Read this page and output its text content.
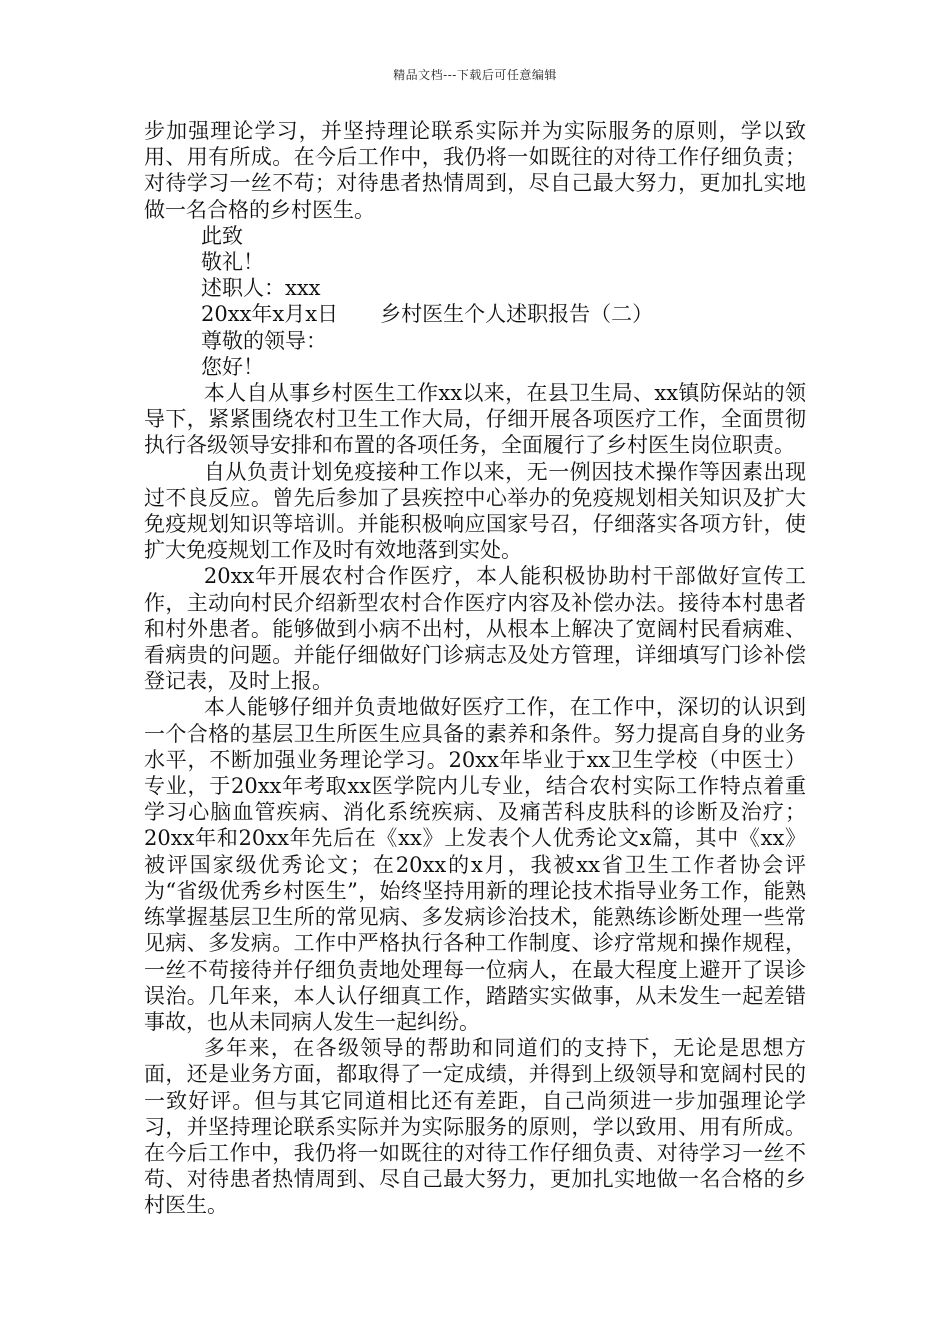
精品文档---下载后可任意编辑

步加强理论学习，并坚持理论联系实际并为实际服务的原则，学以致用、用有所成。在今后工作中，我仍将一如既往的对待工作仔细负责；对待学习一丝不苟；对待患者热情周到，尽自己最大努力，更加扎实地做一名合格的乡村医生。

此致

敬礼！

述职人：xxx

20xx年x月x日 乡村医生个人述职报告（二）

尊敬的领导：

您好！

本人自从事乡村医生工作xx以来，在县卫生局、xx镇防保站的领导下，紧紧围绕农村卫生工作大局，仔细开展各项医疗工作，全面贯彻执行各级领导安排和布置的各项任务，全面履行了乡村医生岗位职责。

自从负责计划免疫接种工作以来，无一例因技术操作等因素出现过不良反应。曾先后参加了县疾控中心举办的免疫规划相关知识及扩大免疫规划知识等培训。并能积极响应国家号召，仔细落实各项方针，使扩大免疫规划工作及时有效地落到实处。

20xx年开展农村合作医疗，本人能积极协助村干部做好宣传工作，主动向村民介绍新型农村合作医疗内容及补偿办法。接待本村患者和村外患者。能够做到小病不出村，从根本上解决了宽阔村民看病难、看病贵的问题。并能仔细做好门诊病志及处方管理，详细填写门诊补偿登记表，及时上报。

本人能够仔细并负责地做好医疗工作，在工作中，深切的认识到一个合格的基层卫生所医生应具备的素养和条件。努力提高自身的业务水平，不断加强业务理论学习。20xx年毕业于xx卫生学校（中医士）专业，于20xx年考取xx医学院内儿专业，结合农村实际工作特点着重学习心脑血管疾病、消化系统疾病、及痛苦科皮肤科的诊断及治疗；20xx年和20xx年先后在《xx》上发表个人优秀论文x篇，其中《xx》被评国家级优秀论文；在20xx的x月，我被xx省卫生工作者协会评为“省级优秀乡村医生”，始终坚持用新的理论技术指导业务工作，能熟练掌握基层卫生所的常见病、多发病诊治技术，能熟练诊断处理一些常见病、多发病。工作中严格执行各种工作制度、诊疗常规和操作规程，一丝不苟接待并仔细负责地处理每一位病人，在最大程度上避开了误诊误治。几年来，本人认仔细真工作，踏踏实实做事，从未发生一起差错事故，也从未同病人发生一起纠纷。

多年来，在各级领导的帮助和同道们的支持下，无论是思想方面，还是业务方面，都取得了一定成绩，并得到上级领导和宽阔村民的一致好评。但与其它同道相比还有差距，自己尚须进一步加强理论学习，并坚持理论联系实际并为实际服务的原则，学以致用、用有所成。在今后工作中，我仍将一如既往的对待工作仔细负责、对待学习一丝不苟、对待患者热情周到、尽自己最大努力，更加扎实地做一名合格的乡村医生。
